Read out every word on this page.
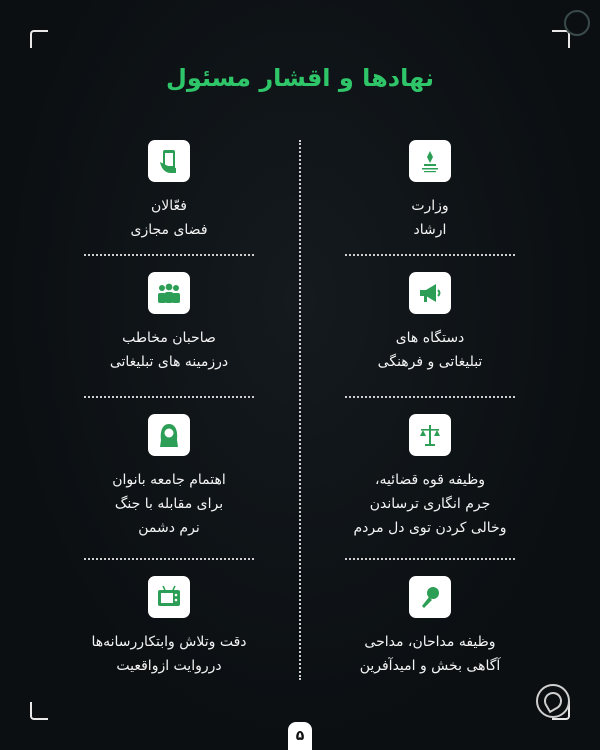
نهادها و اقشار مسئول
وزارت
ارشاد
دستگاه های
تبلیغاتی و فرهنگی
وظیفه قوه قضائیه،
جرم انگاری ترساندن
وخالی کردن توی دل مردم
وظیفه مداحان، مداحی
آگاهی بخش و امیدآفرین
فعّالان
فضای مجازی
صاحبان مخاطب
درزمینه های تبلیغاتی
اهتمام جامعه بانوان
برای مقابله با جنگ
نرم دشمن
دقت وتلاش وابتکاررسانه‌ها
درروایت ازواقعیت
۵
